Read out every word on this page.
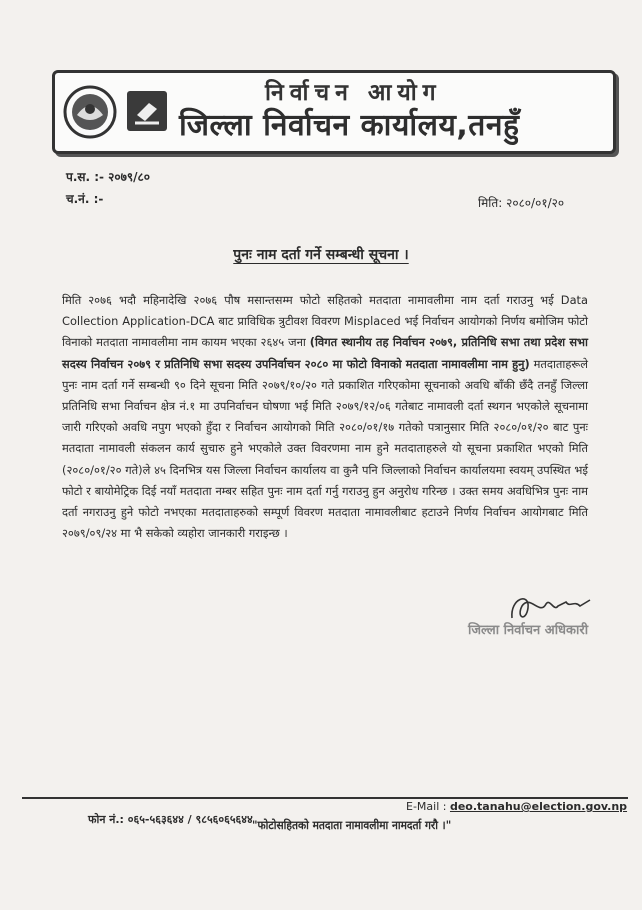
निर्वाचन आयोग
जिल्ला निर्वाचन कार्यालय,तनहुँ
प.स. :- २०७९/८०
च.नं. :-	मिति: २०८०/०१/२०
पुनः नाम दर्ता गर्ने सम्बन्धी सूचना ।
मिति २०७६ भदौ महिनादेखि २०७६ पौष मसान्तसम्म फोटो सहितको मतदाता नामावलीमा नाम दर्ता गराउनु भई Data Collection Application-DCA बाट प्राविधिक त्रुटीवश विवरण Misplaced भई निर्वाचन आयोगको निर्णय बमोजिम फोटो विनाको मतदाता नामावलीमा नाम कायम भएका २६४५ जना (विगत स्थानीय तह निर्वाचन २०७९, प्रतिनिधि सभा तथा प्रदेश सभा सदस्य निर्वाचन २०७९ र प्रतिनिधि सभा सदस्य उपनिर्वाचन २०८० मा फोटो विनाको मतदाता नामावलीमा नाम हुनु) मतदाताहरूले पुनः नाम दर्ता गर्ने सम्बन्धी ९० दिने सूचना मिति २०७९/१०/२० गते प्रकाशित गरिएकोमा सूचनाको अवधि बाँकी छँदै तनहुँ जिल्ला प्रतिनिधि सभा निर्वाचन क्षेत्र नं.१ मा उपनिर्वाचन घोषणा भई मिति २०७९/१२/०६ गतेबाट नामावली दर्ता स्थगन भएकोले सूचनामा जारी गरिएको अवधि नपुग भएको हुँदा र निर्वाचन आयोगको मिति २०८०/०१/१७ गतेको पत्रानुसार मिति २०८०/०१/२० बाट पुनः मतदाता नामावली संकलन कार्य सुचारु हुने भएकोले उक्त विवरणमा नाम हुने मतदाताहरुले यो सूचना प्रकाशित भएको मिति (२०८०/०१/२० गते)ले ४५ दिनभित्र यस जिल्ला निर्वाचन कार्यालय वा कुनै पनि जिल्लाको निर्वाचन कार्यालयमा स्वयम् उपस्थित भई फोटो र बायोमेट्रिक दिई नयाँ मतदाता नम्बर सहित पुनः नाम दर्ता गर्नु गराउनु हुन अनुरोध गरिन्छ । उक्त समय अवधिभित्र पुनः नाम दर्ता नगराउनु हुने फोटो नभएका मतदाताहरुको सम्पूर्ण विवरण मतदाता नामावलीबाट हटाउने निर्णय निर्वाचन आयोगबाट मिति २०७९/०९/२४ मा भै सकेको व्यहोरा जानकारी गराइन्छ ।
जिल्ला निर्वाचन अधिकारी
E-Mail : deo.tanahu@election.gov.np
फोन नं.: ०६५-५६३६४४ / ९८५६०६५६४४ "फोटोसहितको मतदाता नामावलीमा नामदर्ता गरौ ।"
